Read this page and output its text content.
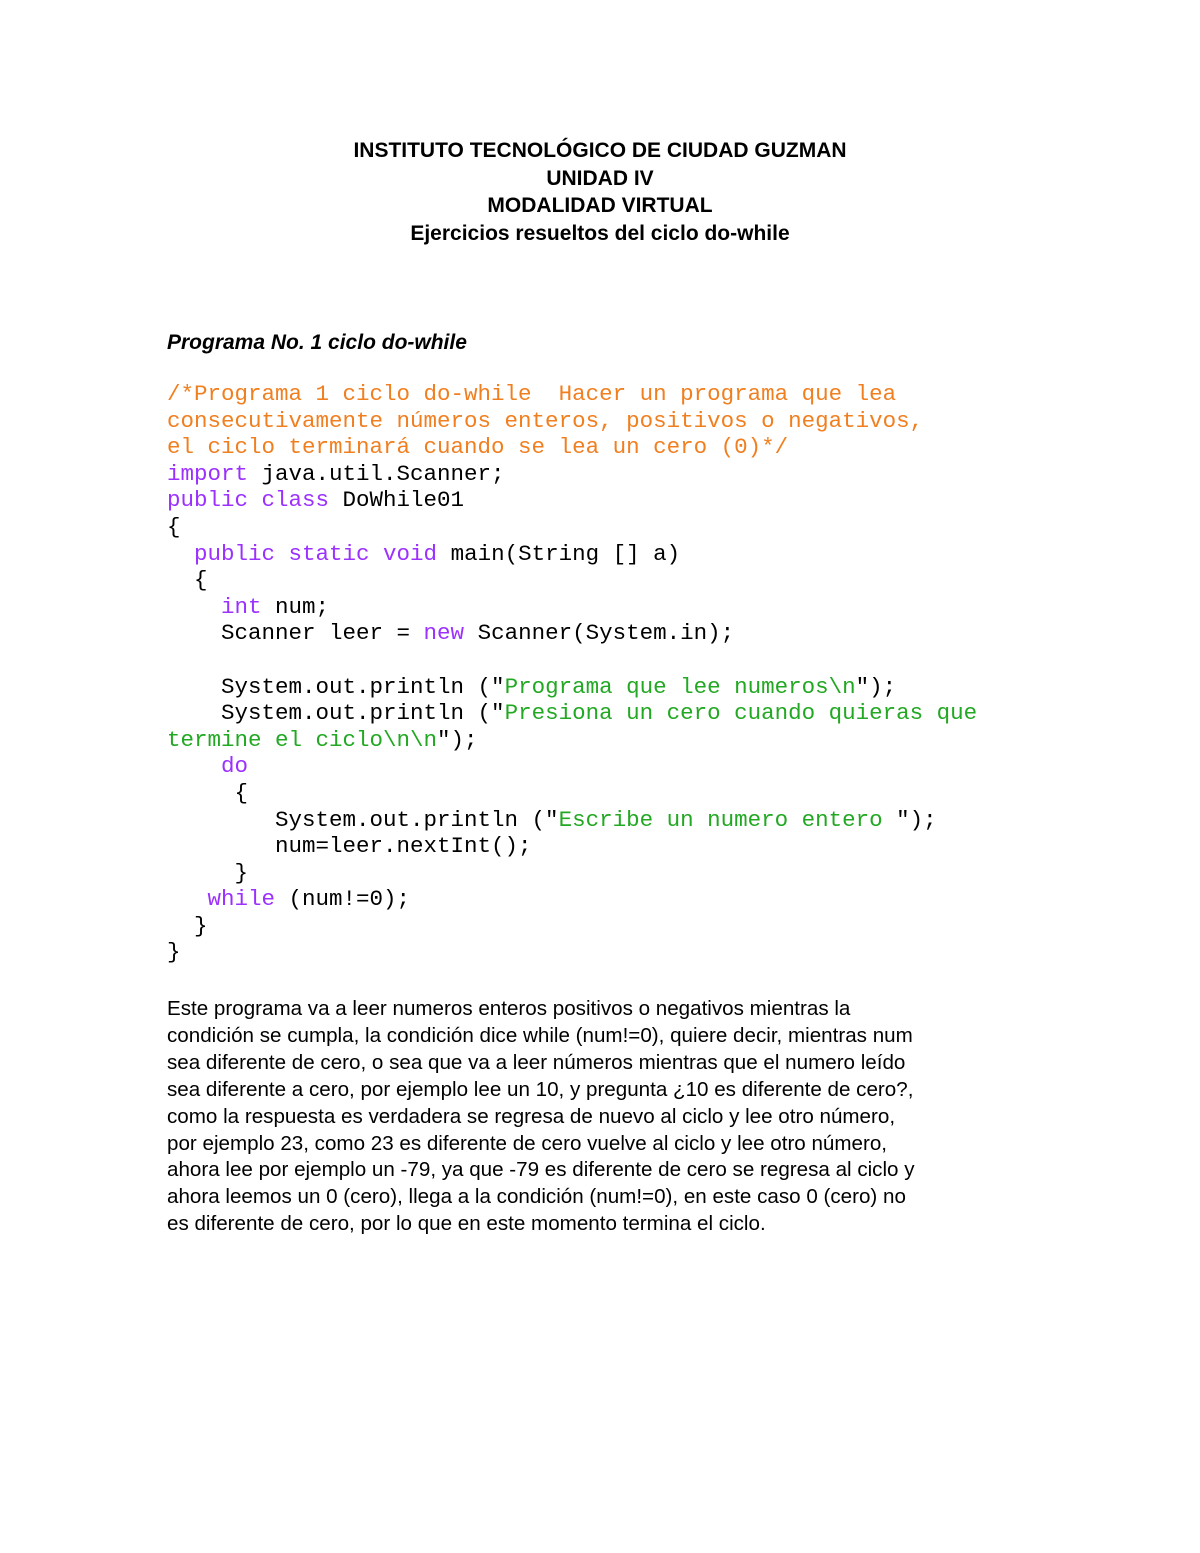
INSTITUTO TECNOLÓGICO DE CIUDAD GUZMAN
UNIDAD IV
MODALIDAD VIRTUAL
Ejercicios resueltos del ciclo do-while
Programa No. 1 ciclo do-while
/*Programa 1 ciclo do-while  Hacer un programa que lea
consecutivamente números enteros, positivos o negativos,
el ciclo terminará cuando se lea un cero (0)*/
import java.util.Scanner;
public class DoWhile01
{
public static void main(String [] a)
{
int num;
Scanner leer = new Scanner(System.in);

System.out.println ("Programa que lee numeros\n");
System.out.println ("Presiona un cero cuando quieras que
termine el ciclo\n\n");
do
{
System.out.println ("Escribe un numero entero ");
num=leer.nextInt();
}
while (num!=0);
}
}
Este programa va a leer numeros enteros positivos o negativos mientras la
condición se cumpla, la condición dice while (num!=0), quiere decir, mientras num
sea diferente de cero, o sea que va a leer números mientras que el numero leído
sea diferente a cero, por ejemplo lee un 10, y pregunta ¿10 es diferente de cero?,
como la respuesta es verdadera se regresa de nuevo al ciclo y lee otro número,
por ejemplo 23, como 23 es diferente de cero vuelve al ciclo y lee otro número,
ahora lee por ejemplo un -79, ya que -79 es diferente de cero se regresa al ciclo y
ahora leemos un 0 (cero), llega a la condición (num!=0), en este caso 0 (cero) no
es diferente de cero, por lo que en este momento termina el ciclo.
